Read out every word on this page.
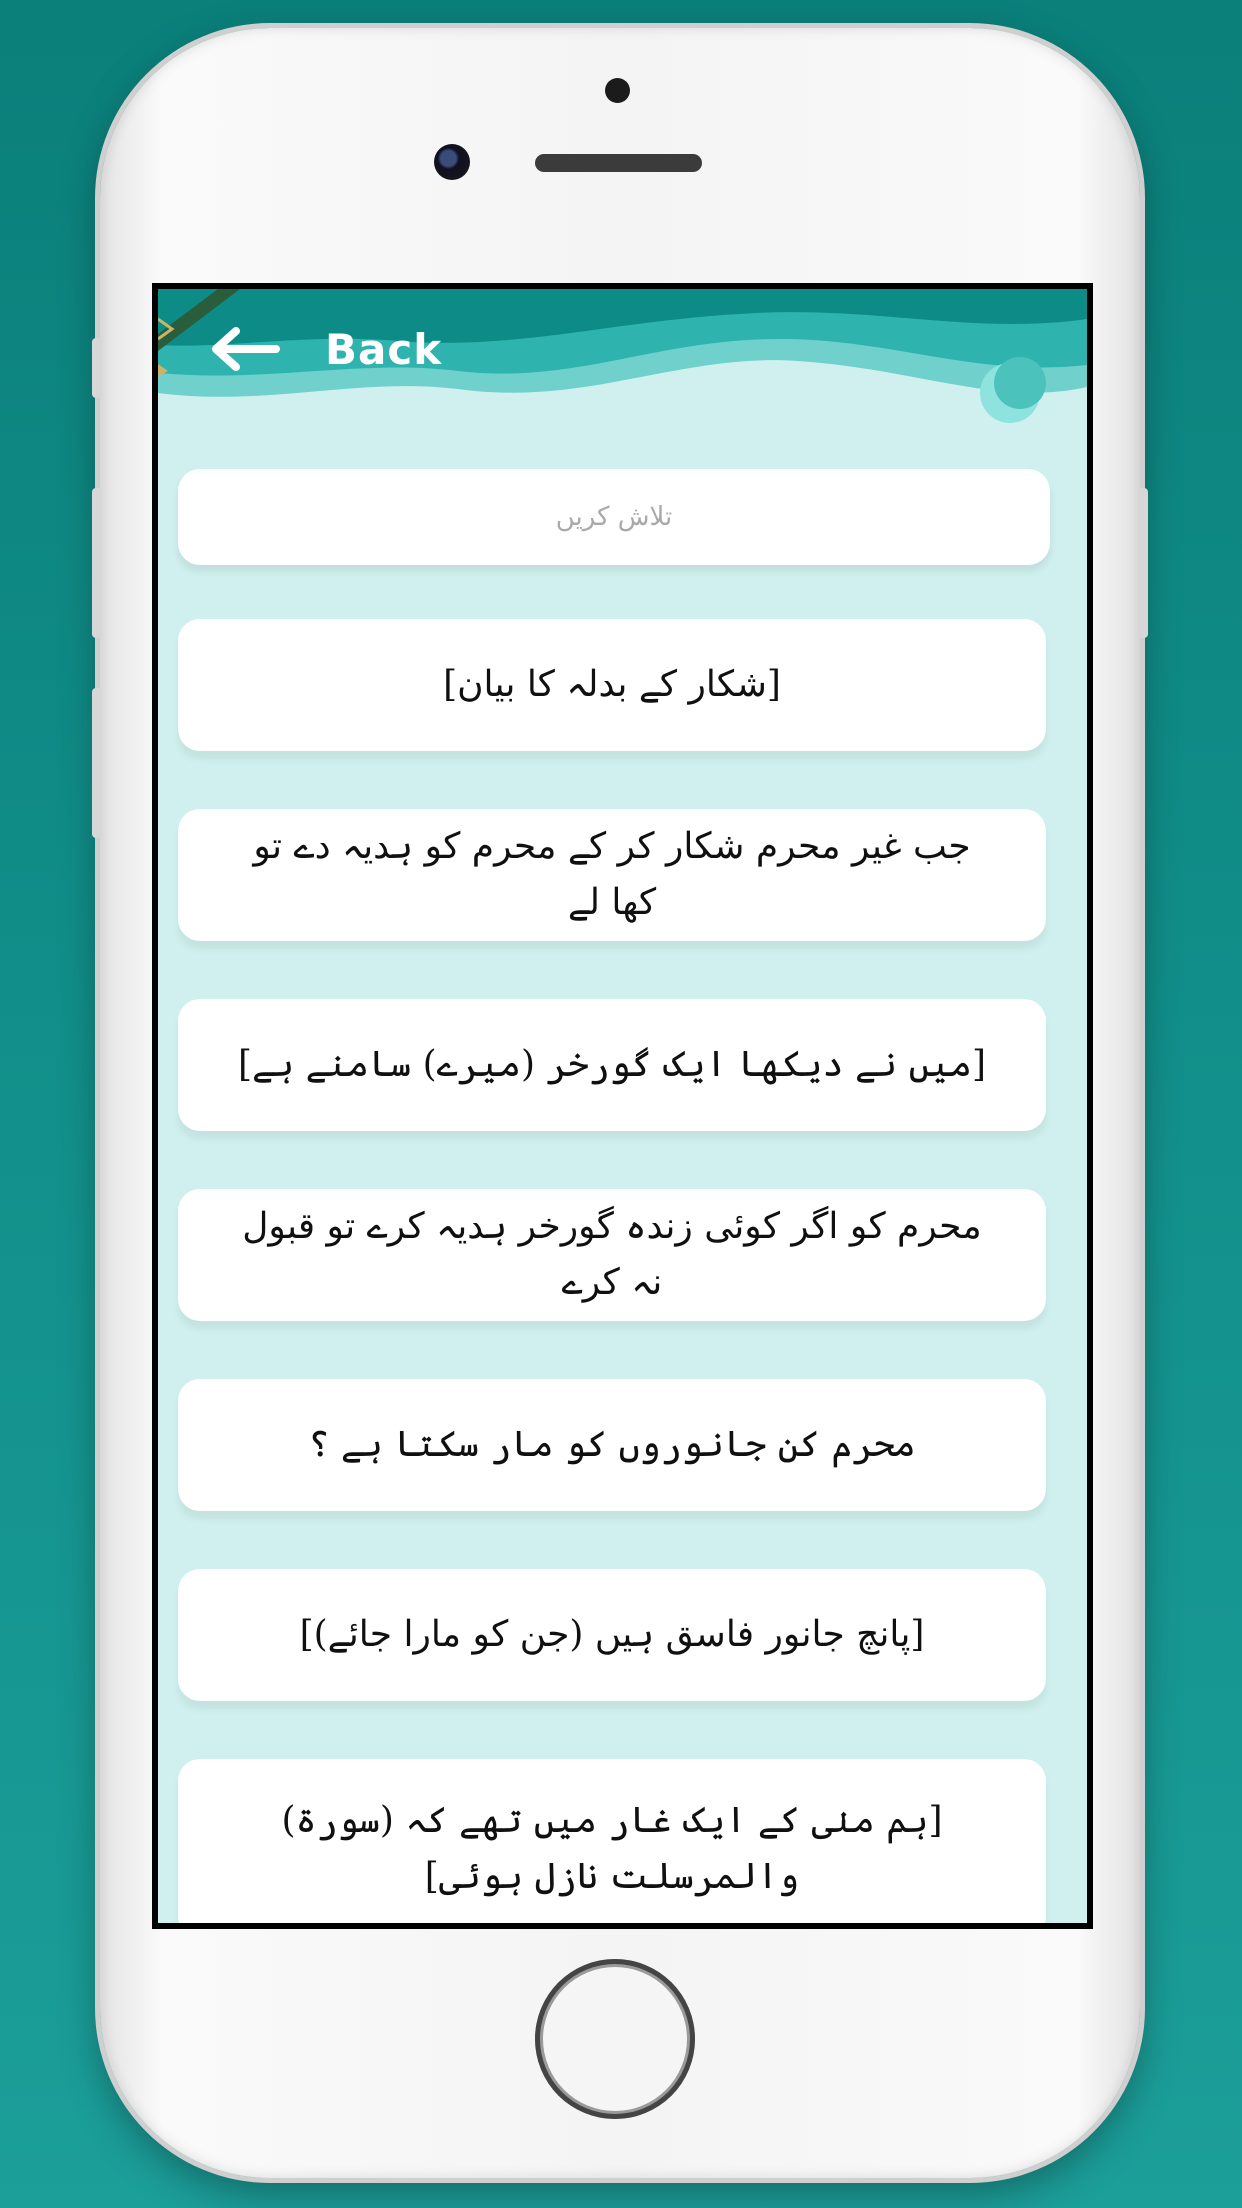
Back
تلاش کریں
[شکار کے بدلہ کا بیان]
جب غیر محرم شکار کر کے محرم کو ہدیہ دے تو کھا لے
[میں نے دیکھا ایک گورخر (میرے) سامنے ہے]
محرم کو اگر کوئی زندہ گورخر ہدیہ کرے تو قبول نہ کرے
محرم کن جانوروں کو مار سکتا ہے ؟
[پانچ جانور فاسق ہیں (جن کو مارا جائے)]
[ہم منٰی کے ایک غار میں تھے کہ (سورۃ) والمرسلت نازل ہوئی]
